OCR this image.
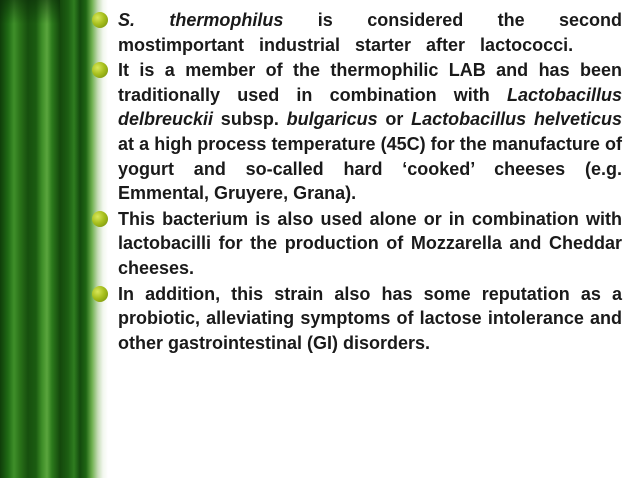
S. thermophilus is considered the second mostimportant industrial starter after lactococci.
It is a member of the thermophilic LAB and has been traditionally used in combination with Lactobacillus delbreuckii subsp. bulgaricus or Lactobacillus helveticus at a high process temperature (45C) for the manufacture of yogurt and so-called hard ‘cooked’ cheeses (e.g. Emmental, Gruyere, Grana).
This bacterium is also used alone or in combination with lactobacilli for the production of Mozzarella and Cheddar cheeses.
In addition, this strain also has some reputation as a probiotic, alleviating symptoms of lactose intolerance and other gastrointestinal (GI) disorders.
